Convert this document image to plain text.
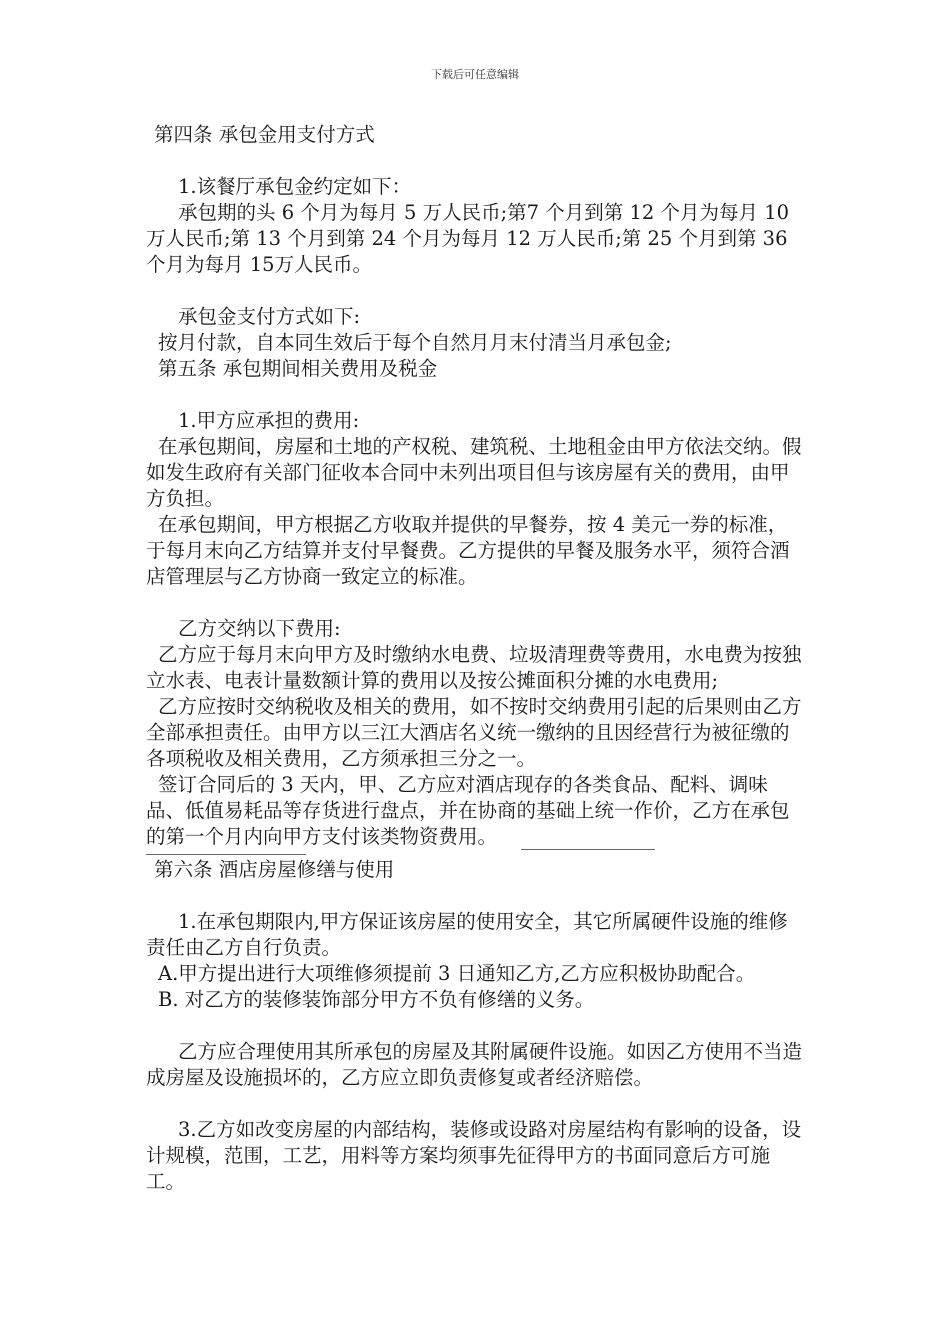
下载后可任意编辑

第四条 承包金用支付方式

1.该餐厅承包金约定如下：

承包期的头 6 个月为每月 5 万人民币;第7 个月到第 12 个月为每月 10 万人民币;第 13 个月到第 24 个月为每月 12 万人民币;第 25 个月到第 36 个月为每月 15万人民币。

承包金支付方式如下:

按月付款，自本同生效后于每个自然月月末付清当月承包金;

第五条 承包期间相关费用及税金

1.甲方应承担的费用:

在承包期间，房屋和土地的产权税、建筑税、土地租金由甲方依法交纳。假如发生政府有关部门征收本合同中未列出项目但与该房屋有关的费用，由甲方负担。

在承包期间，甲方根据乙方收取并提供的早餐券，按 4 美元一券的标准，于每月末向乙方结算并支付早餐费。乙方提供的早餐及服务水平，须符合酒店管理层与乙方协商一致定立的标准。

乙方交纳以下费用:

乙方应于每月末向甲方及时缴纳水电费、垃圾清理费等费用，水电费为按独立水表、电表计量数额计算的费用以及按公摊面积分摊的水电费用;

乙方应按时交纳税收及相关的费用，如不按时交纳费用引起的后果则由乙方全部承担责任。由甲方以三江大酒店名义统一缴纳的且因经营行为被征缴的各项税收及相关费用，乙方须承担三分之一。

签订合同后的 3 天内，甲、乙方应对酒店现存的各类食品、配料、调味品、低值易耗品等存货进行盘点，并在协商的基础上统一作价，乙方在承包的第一个月内向甲方支付该类物资费用。

第六条 酒店房屋修缮与使用

1.在承包期限内,甲方保证该房屋的使用安全，其它所属硬件设施的维修责任由乙方自行负责。

A.甲方提出进行大项维修须提前 3 日通知乙方,乙方应积极协助配合。

B. 对乙方的装修装饰部分甲方不负有修缮的义务。

乙方应合理使用其所承包的房屋及其附属硬件设施。如因乙方使用不当造成房屋及设施损坏的，乙方应立即负责修复或者经济赔偿。

3.乙方如改变房屋的内部结构，装修或设路对房屋结构有影响的设备，设计规模，范围，工艺，用料等方案均须事先征得甲方的书面同意后方可施工。
